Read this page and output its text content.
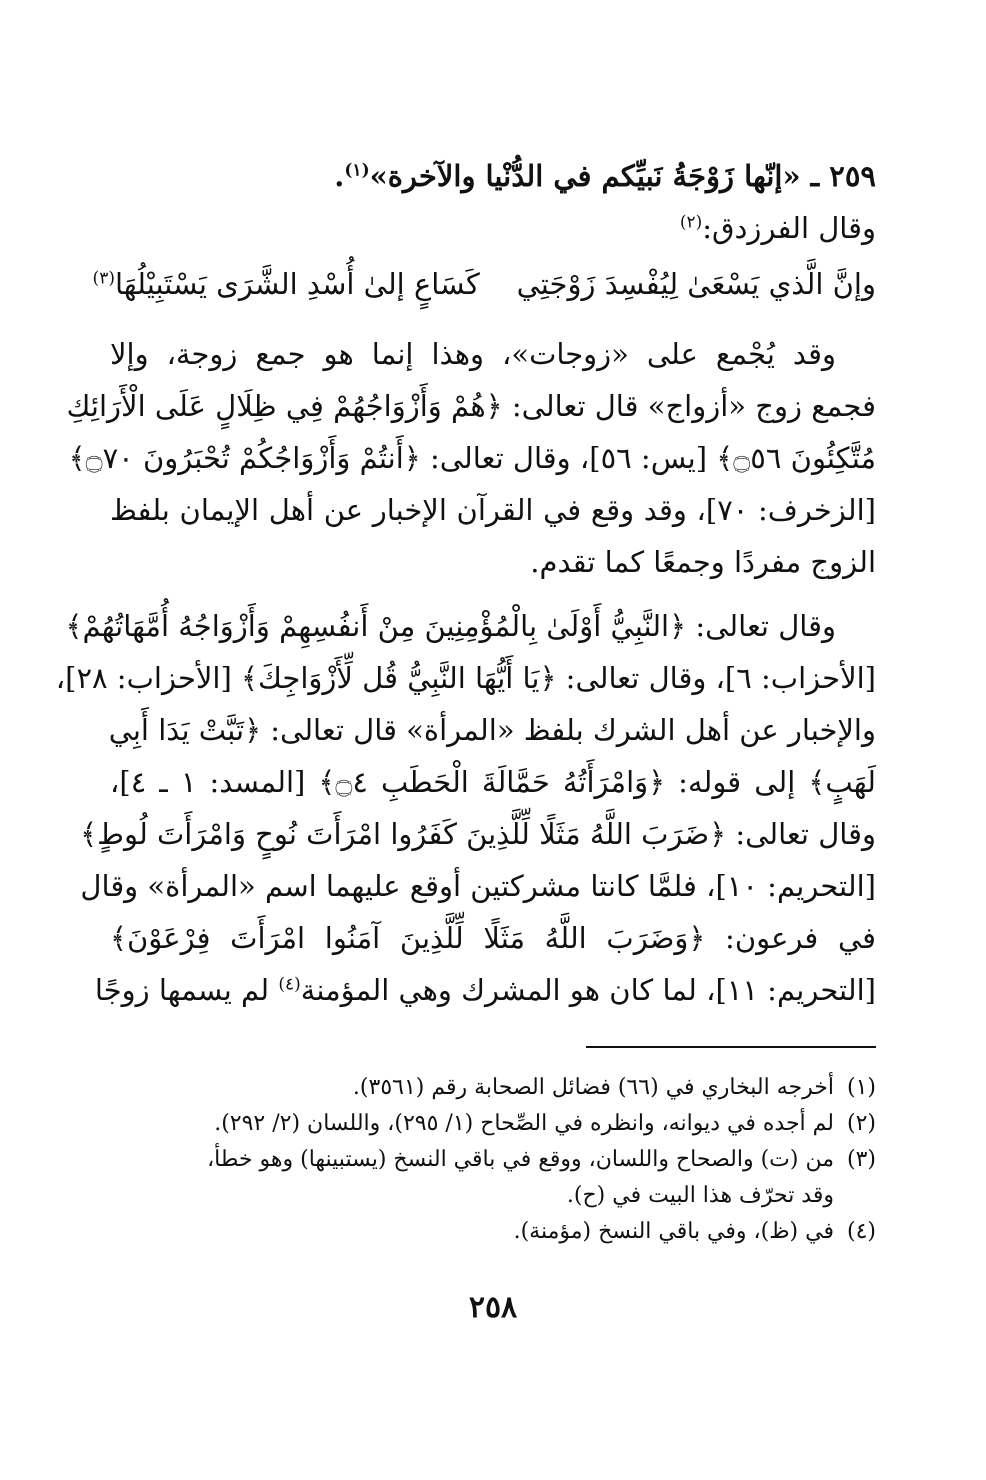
٢٥٩ ـ «إنّها زَوْجَةُ نَبيِّكم في الدُّنْيا والآخرة»$^{(١)}$.
وقال الفرزدق:$^{(٢)}$
وإنَّ الَّذي يَسْعَىٰ لِيُفْسِدَ زَوْجَتِي    كَسَاعٍ إلىٰ أُسْدِ الشَّرَى يَسْتَبِيْلُهَا$^{(٣)}$
وقد يُجْمع على «زوجات»، وهذا إنما هو جمع زوجة، وإلا
فجمع زوج «أزواج» قال تعالى: ﴿هُمْ وَأَزْوَاجُهُمْ فِي ظِلَالٍ عَلَى الْأَرَائِكِ
مُتَّكِئُونَ ۝٥٦﴾ [يس: ٥٦]، وقال تعالى: ﴿أَنتُمْ وَأَزْوَاجُكُمْ تُحْبَرُونَ ۝٧٠﴾
[الزخرف: ٧٠]، وقد وقع في القرآن الإخبار عن أهل الإيمان بلفظ
الزوج مفردًا وجمعًا كما تقدم.
وقال تعالى: ﴿النَّبِيُّ أَوْلَىٰ بِالْمُؤْمِنِينَ مِنْ أَنفُسِهِمْ وَأَزْوَاجُهُ أُمَّهَاتُهُمْ﴾
[الأحزاب: ٦]، وقال تعالى: ﴿يَا أَيُّهَا النَّبِيُّ قُل لِّأَزْوَاجِكَ﴾ [الأحزاب: ٢٨]،
والإخبار عن أهل الشرك بلفظ «المرأة» قال تعالى: ﴿تَبَّتْ يَدَا أَبِي
لَهَبٍ﴾ إلى قوله: ﴿وَامْرَأَتُهُ حَمَّالَةَ الْحَطَبِ ۝٤﴾ [المسد: ١ ـ ٤]،
وقال تعالى: ﴿ضَرَبَ اللَّهُ مَثَلًا لِّلَّذِينَ كَفَرُوا امْرَأَتَ نُوحٍ وَامْرَأَتَ لُوطٍ﴾
[التحريم: ١٠]، فلمَّا كانتا مشركتين أوقع عليهما اسم «المرأة» وقال
في فرعون: ﴿وَضَرَبَ اللَّهُ مَثَلًا لِّلَّذِينَ آمَنُوا امْرَأَتَ فِرْعَوْنَ﴾
[التحريم: ١١]، لما كان هو المشرك وهي المؤمنة$^{(٤)}$ لم يسمها زوجًا
(١)أخرجه البخاري في (٦٦) فضائل الصحابة رقم (٣٥٦١).
(٢)لم أجده في ديوانه، وانظره في الصِّحاح (١/ ٢٩٥)، واللسان (٢/ ٢٩٢).
(٣)من (ت) والصحاح واللسان، ووقع في باقي النسخ (يستبينها) وهو خطأ،
وقد تحرّف هذا البيت في (ح).
(٤)في (ظ)، وفي باقي النسخ (مؤمنة).
٢٥٨
